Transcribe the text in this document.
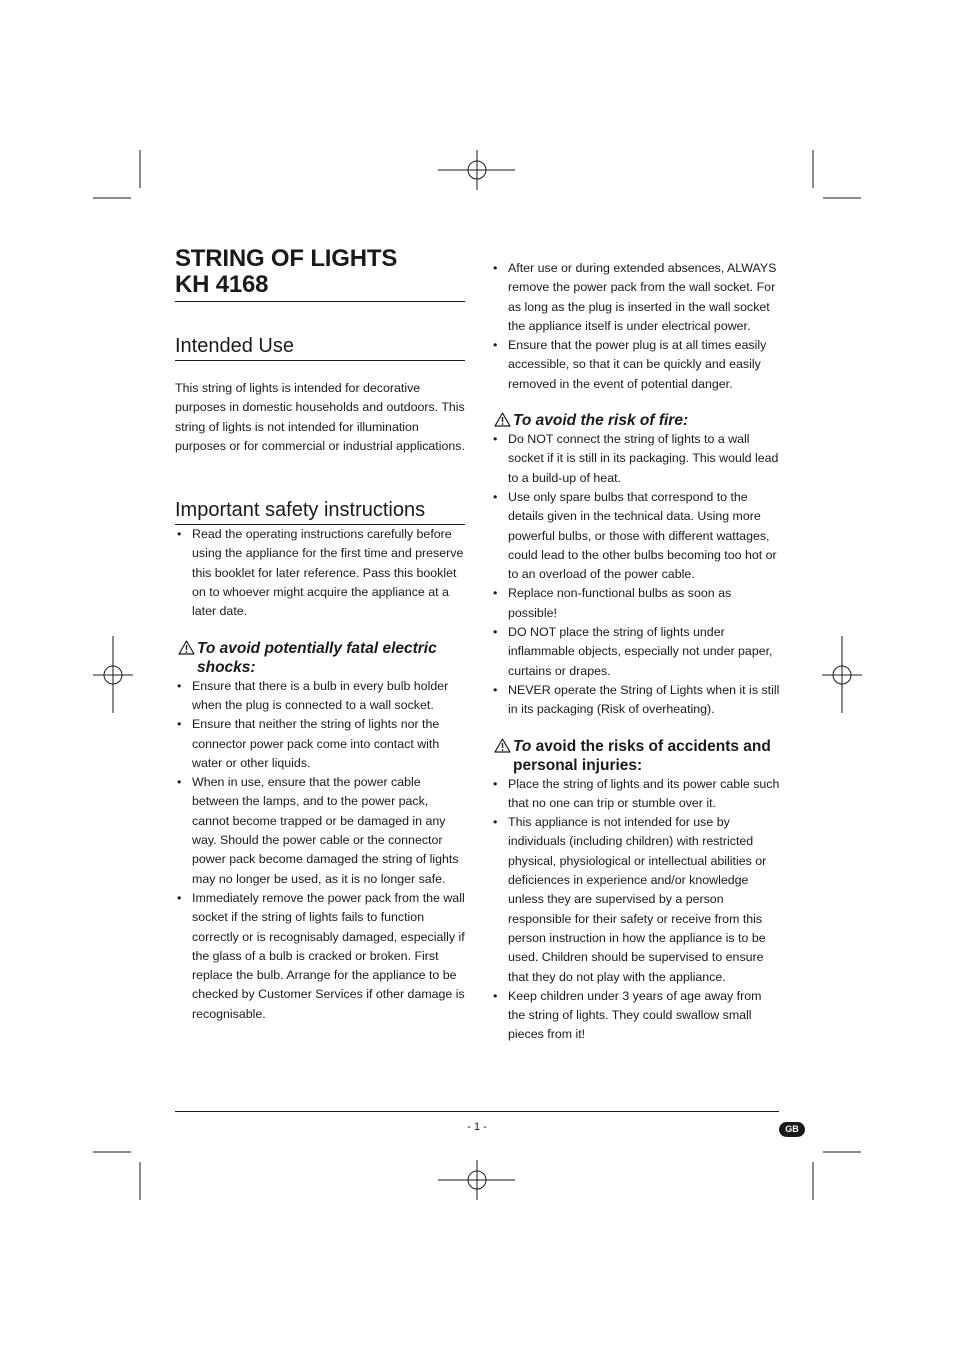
STRING OF LIGHTS
KH 4168
Intended Use

This string of lights is intended for decorative purposes in domestic households and outdoors. This string of lights is not intended for illumination purposes or for commercial or industrial applications.

Important safety instructions
• Read the operating instructions carefully before using the appliance for the first time and preserve this booklet for later reference. Pass this booklet on to whoever might acquire the appliance at a later date.
To avoid potentially fatal electric shocks:
• Ensure that there is a bulb in every bulb holder when the plug is connected to a wall socket.
• Ensure that neither the string of lights nor the connector power pack come into contact with water or other liquids.
• When in use, ensure that the power cable between the lamps, and to the power pack, cannot become trapped or be damaged in any way. Should the power cable or the connector power pack become damaged the string of lights may no longer be used, as it is no longer safe.
• Immediately remove the power pack from the wall socket if the string of lights fails to function correctly or is recognisably damaged, especially if the glass of a bulb is cracked or broken. First replace the bulb. Arrange for the appliance to be checked by Customer Services if other damage is recognisable.
• After use or during extended absences, ALWAYS remove the power pack from the wall socket. For as long as the plug is inserted in the wall socket the appliance itself is under electrical power.
• Ensure that the power plug is at all times easily accessible, so that it can be quickly and easily removed in the event of potential danger.
To avoid the risk of fire:
• Do NOT connect the string of lights to a wall socket if it is still in its packaging. This would lead to a build-up of heat.
• Use only spare bulbs that correspond to the details given in the technical data. Using more powerful bulbs, or those with different wattages, could lead to the other bulbs becoming too hot or to an overload of the power cable.
• Replace non-functional bulbs as soon as possible!
• DO NOT place the string of lights under inflammable objects, especially not under paper, curtains or drapes.
• NEVER operate the String of Lights when it is still in its packaging (Risk of overheating).
To avoid the risks of accidents and personal injuries:
• Place the string of lights and its power cable such that no one can trip or stumble over it.
• This appliance is not intended for use by individuals (including children) with restricted physical, physiological or intellectual abilities or deficiences in experience and/or knowledge unless they are supervised by a person responsible for their safety or receive from this person instruction in how the appliance is to be used. Children should be supervised to ensure that they do not play with the appliance.
• Keep children under 3 years of age away from the string of lights. They could swallow small pieces from it!
- 1 -	GB
